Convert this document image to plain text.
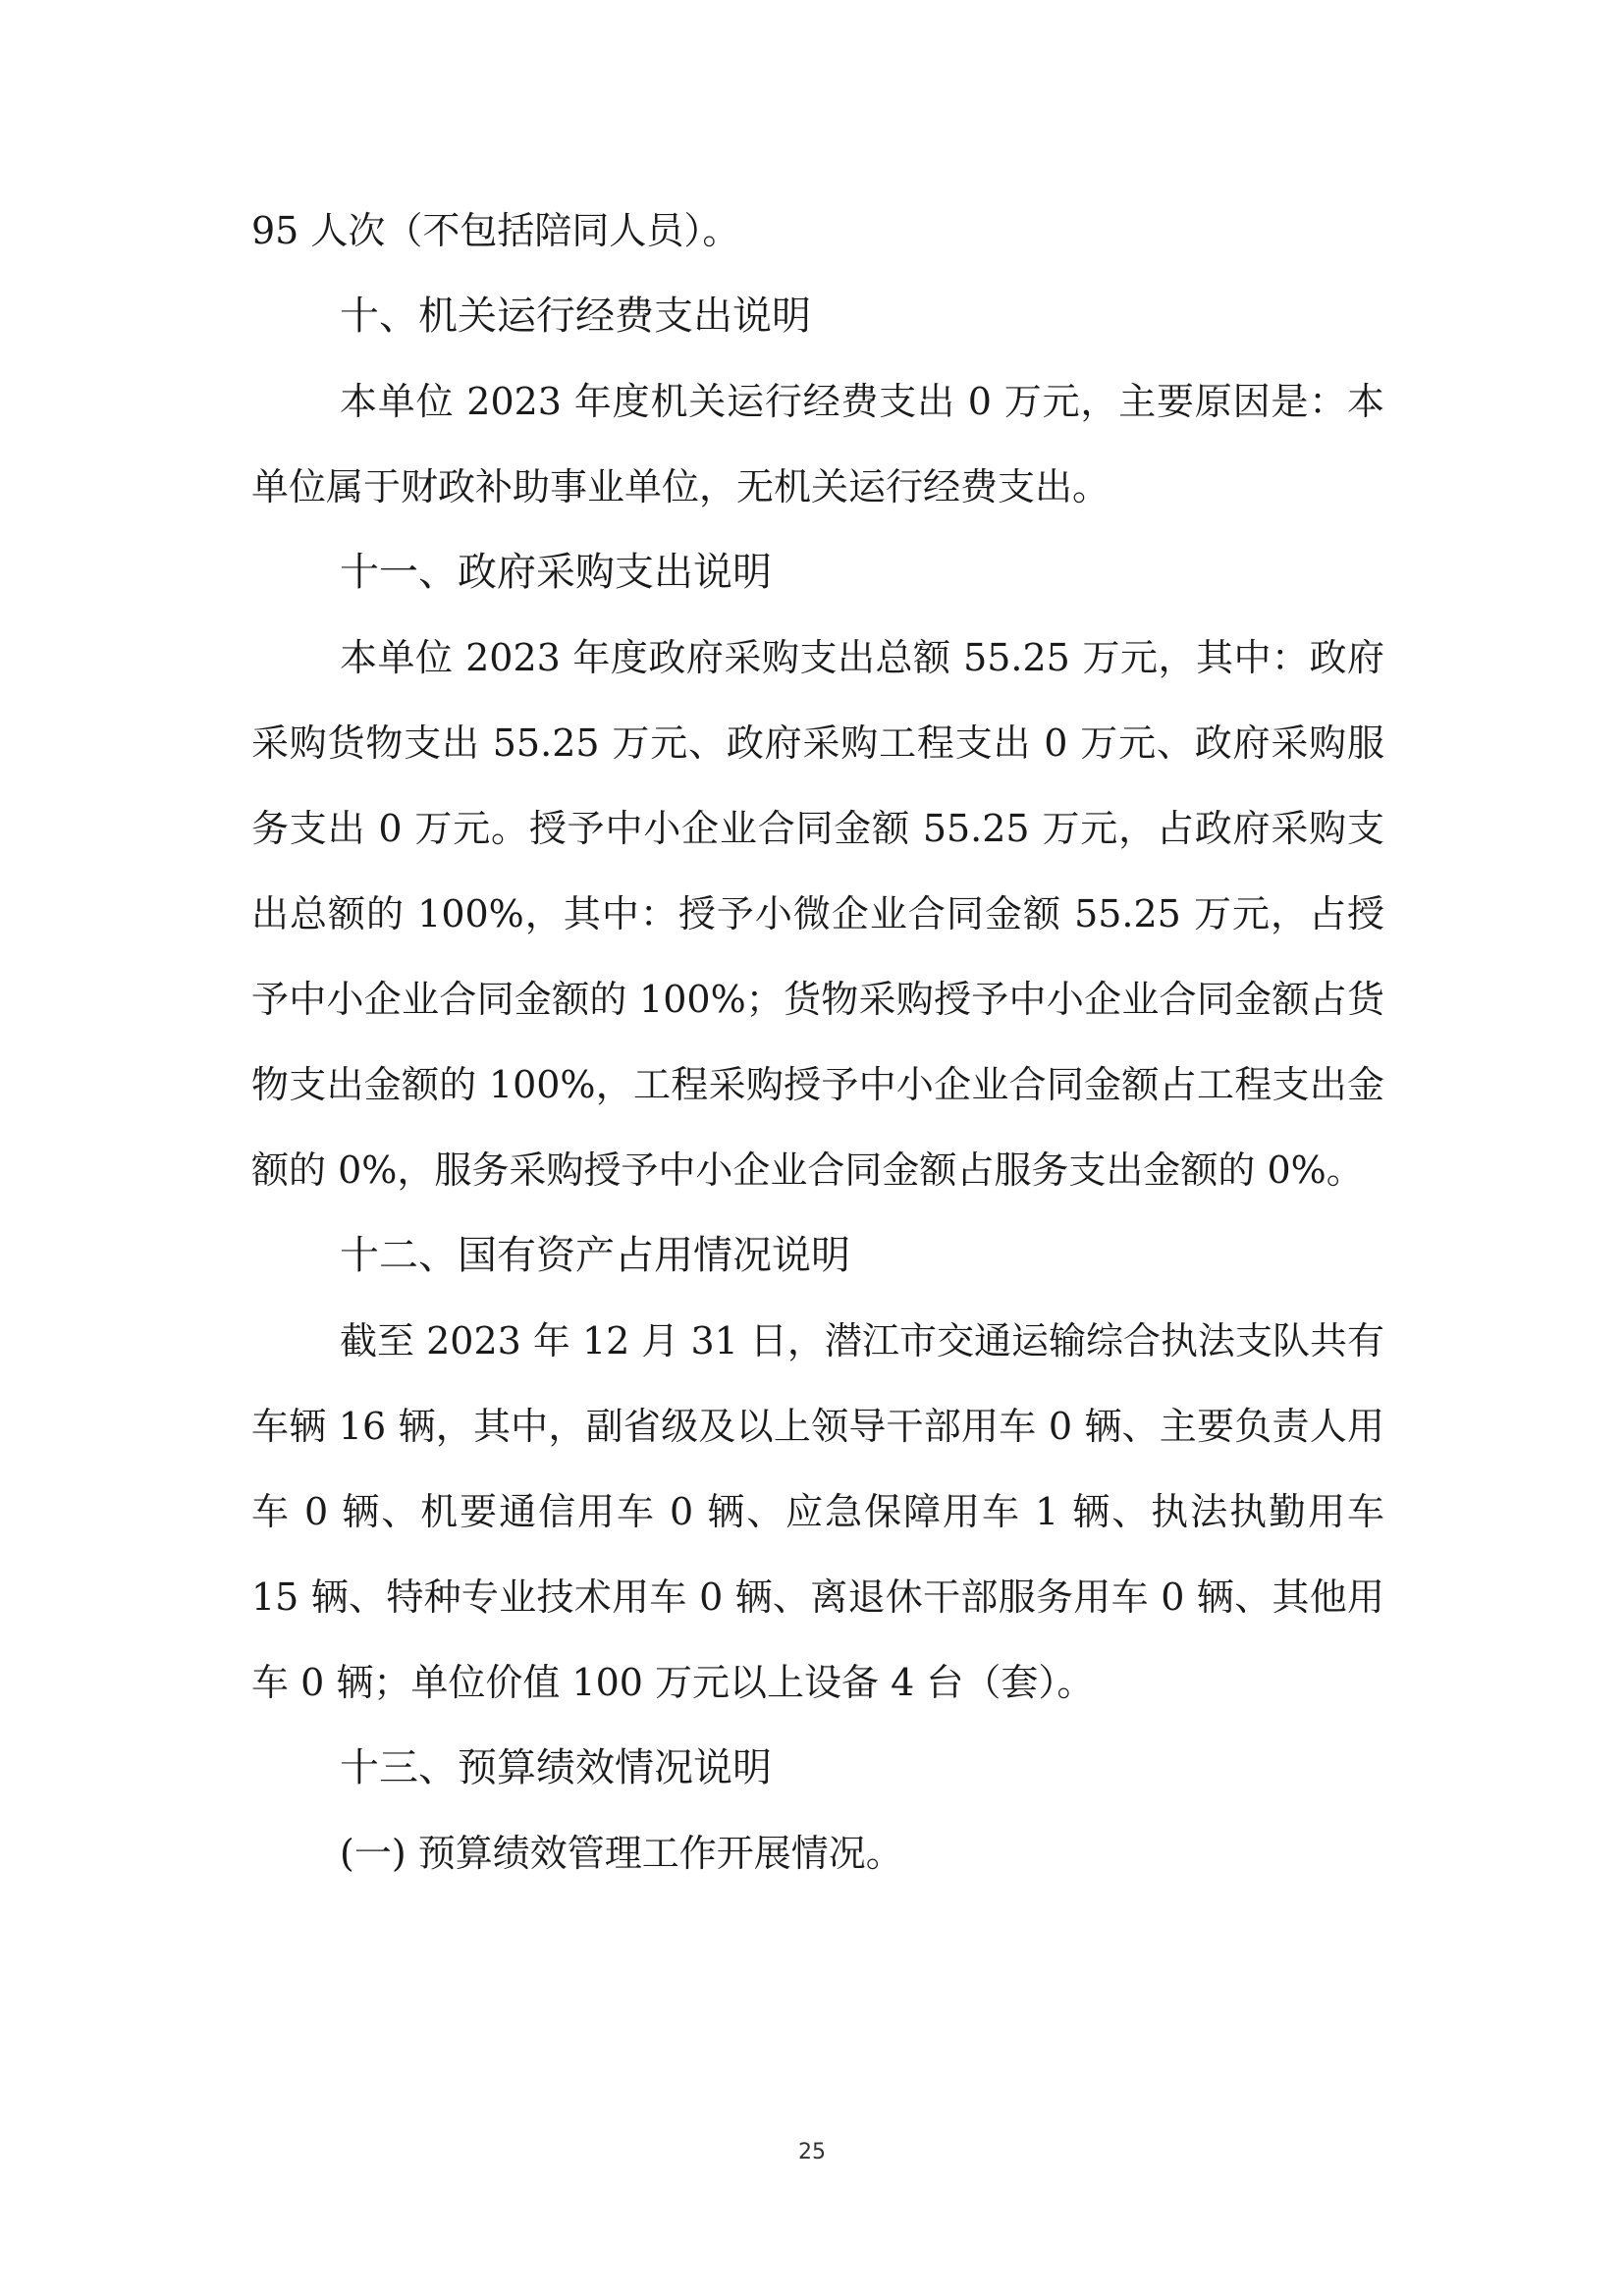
95 人次（不包括陪同人员）。

十、机关运行经费支出说明

本单位 2023 年度机关运行经费支出 0 万元，主要原因是：本单位属于财政补助事业单位，无机关运行经费支出。

十一、政府采购支出说明

本单位 2023 年度政府采购支出总额 55.25 万元，其中：政府采购货物支出 55.25 万元、政府采购工程支出 0 万元、政府采购服务支出 0 万元。授予中小企业合同金额 55.25 万元，占政府采购支出总额的 100%，其中：授予小微企业合同金额 55.25 万元，占授予中小企业合同金额的 100%；货物采购授予中小企业合同金额占货物支出金额的 100%，工程采购授予中小企业合同金额占工程支出金额的 0%，服务采购授予中小企业合同金额占服务支出金额的 0%。

十二、国有资产占用情况说明

截至 2023 年 12 月 31 日，潜江市交通运输综合执法支队共有车辆 16 辆，其中，副省级及以上领导干部用车 0 辆、主要负责人用车 0 辆、机要通信用车 0 辆、应急保障用车 1 辆、执法执勤用车 15 辆、特种专业技术用车 0 辆、离退休干部服务用车 0 辆、其他用车 0 辆；单位价值 100 万元以上设备 4 台（套）。

十三、预算绩效情况说明

(一) 预算绩效管理工作开展情况。

25
